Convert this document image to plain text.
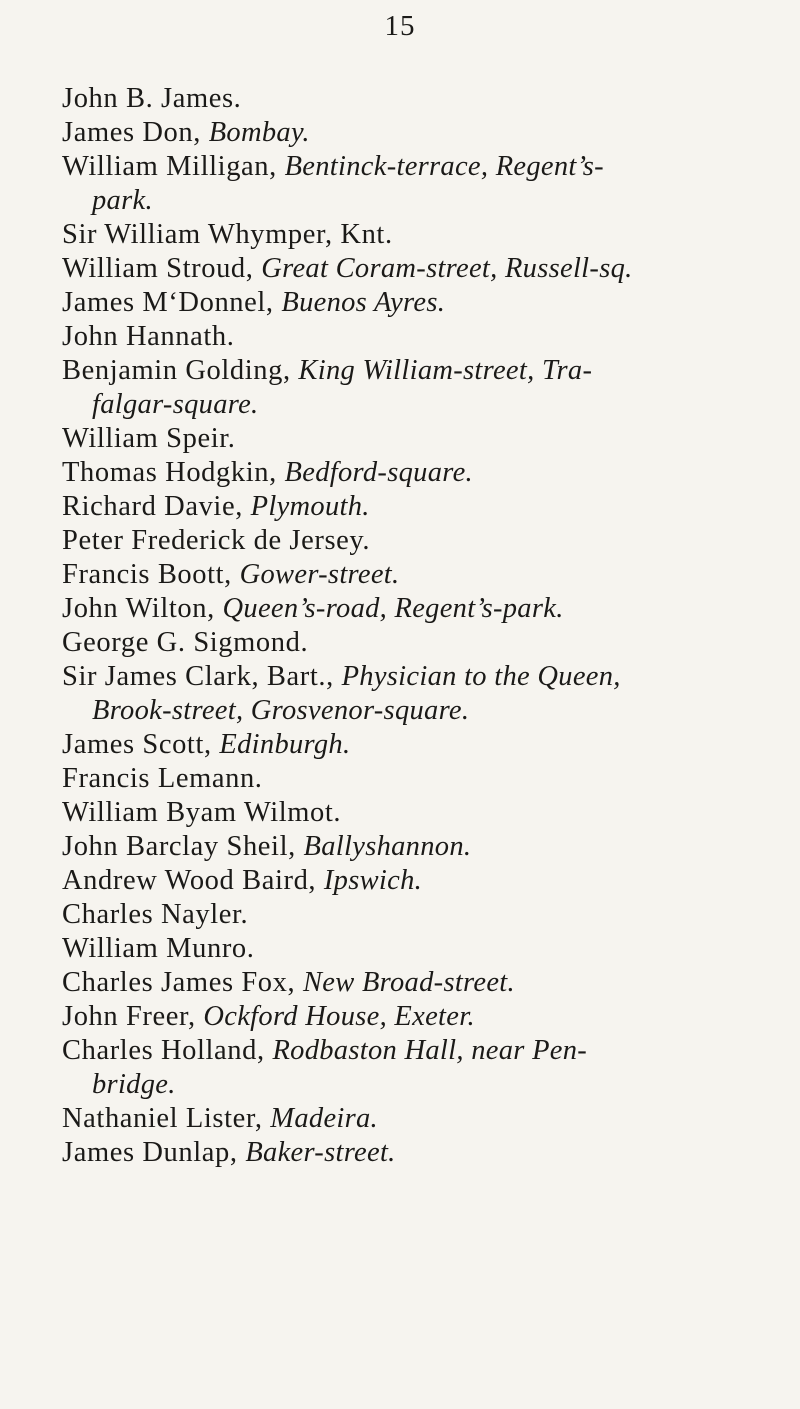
15
John B. James.
James Don, Bombay.
William Milligan, Bentinck-terrace, Regent’s-
park.
Sir William Whymper, Knt.
William Stroud, Great Coram-street, Russell-sq.
James M‘Donnel, Buenos Ayres.
John Hannath.
Benjamin Golding, King William-street, Tra-
falgar-square.
William Speir.
Thomas Hodgkin, Bedford-square.
Richard Davie, Plymouth.
Peter Frederick de Jersey.
Francis Boott, Gower-street.
John Wilton, Queen’s-road, Regent’s-park.
George G. Sigmond.
Sir James Clark, Bart., Physician to the Queen,
Brook-street, Grosvenor-square.
James Scott, Edinburgh.
Francis Lemann.
William Byam Wilmot.
John Barclay Sheil, Ballyshannon.
Andrew Wood Baird, Ipswich.
Charles Nayler.
William Munro.
Charles James Fox, New Broad-street.
John Freer, Ockford House, Exeter.
Charles Holland, Rodbaston Hall, near Pen-
bridge.
Nathaniel Lister, Madeira.
James Dunlap, Baker-street.
